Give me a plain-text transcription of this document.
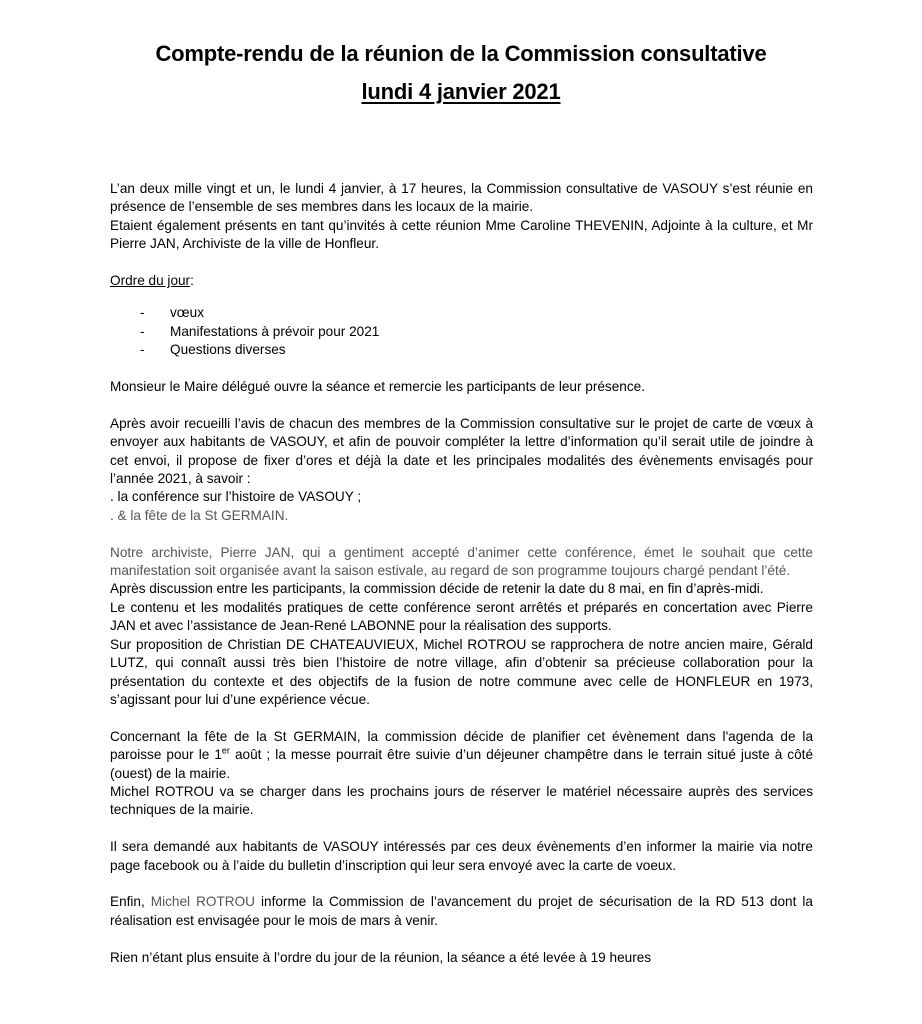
Compte-rendu de la réunion de la Commission consultative
lundi 4 janvier 2021

L’an deux mille vingt et un, le lundi 4 janvier, à 17 heures, la Commission consultative de VASOUY s’est réunie en présence de l’ensemble de ses membres dans les locaux de la mairie.

Etaient également présents en tant qu’invités à cette réunion Mme Caroline THEVENIN, Adjointe à la culture, et Mr Pierre JAN, Archiviste de la ville de Honfleur.

Ordre du jour:

- vœux
- Manifestations à prévoir pour 2021
- Questions diverses

Monsieur le Maire délégué ouvre la séance et remercie les participants de leur présence.

Après avoir recueilli l’avis de chacun des membres de la Commission consultative sur le projet de carte de vœux à envoyer aux habitants de VASOUY, et afin de pouvoir compléter la lettre d’information qu’il serait utile de joindre à cet envoi, il propose de fixer d’ores et déjà la date et les principales modalités des évènements envisagés pour l’année 2021, à savoir :

. la conférence sur l’histoire de VASOUY ;

. & la fête de la St GERMAIN.

Notre archiviste, Pierre JAN, qui a gentiment accepté d’animer cette conférence, émet le souhait que cette manifestation soit organisée avant la saison estivale, au regard de son programme toujours chargé pendant l’été.

Après discussion entre les participants, la commission décide de retenir la date du 8 mai, en fin d’après-midi.

Le contenu et les modalités pratiques de cette conférence seront arrêtés et préparés en concertation avec Pierre JAN et avec l’assistance de Jean-René LABONNE pour la réalisation des supports.

Sur proposition de Christian DE CHATEAUVIEUX, Michel ROTROU se rapprochera de notre ancien maire, Gérald LUTZ, qui connaît aussi très bien l’histoire de notre village, afin d’obtenir sa précieuse collaboration pour la présentation du contexte et des objectifs de la fusion de notre commune avec celle de HONFLEUR en 1973, s’agissant pour lui d’une expérience vécue.

Concernant la fête de la St GERMAIN, la commission décide de planifier cet évènement dans l'agenda de la paroisse pour le 1er août ; la messe pourrait être suivie d’un déjeuner champêtre dans le terrain situé juste à côté (ouest) de la mairie.

Michel ROTROU va se charger dans les prochains jours de réserver le matériel nécessaire auprès des services techniques de la mairie.

Il sera demandé aux habitants de VASOUY intéressés par ces deux évènements d’en informer la mairie via notre page facebook ou à l’aide du bulletin d’inscription qui leur sera envoyé avec la carte de voeux.

Enfin, Michel ROTROU informe la Commission de l’avancement du projet de sécurisation de la RD 513 dont la réalisation est envisagée pour le mois de mars à venir.

Rien n’étant plus ensuite à l’ordre du jour de la réunion, la séance a été levée à 19 heures
